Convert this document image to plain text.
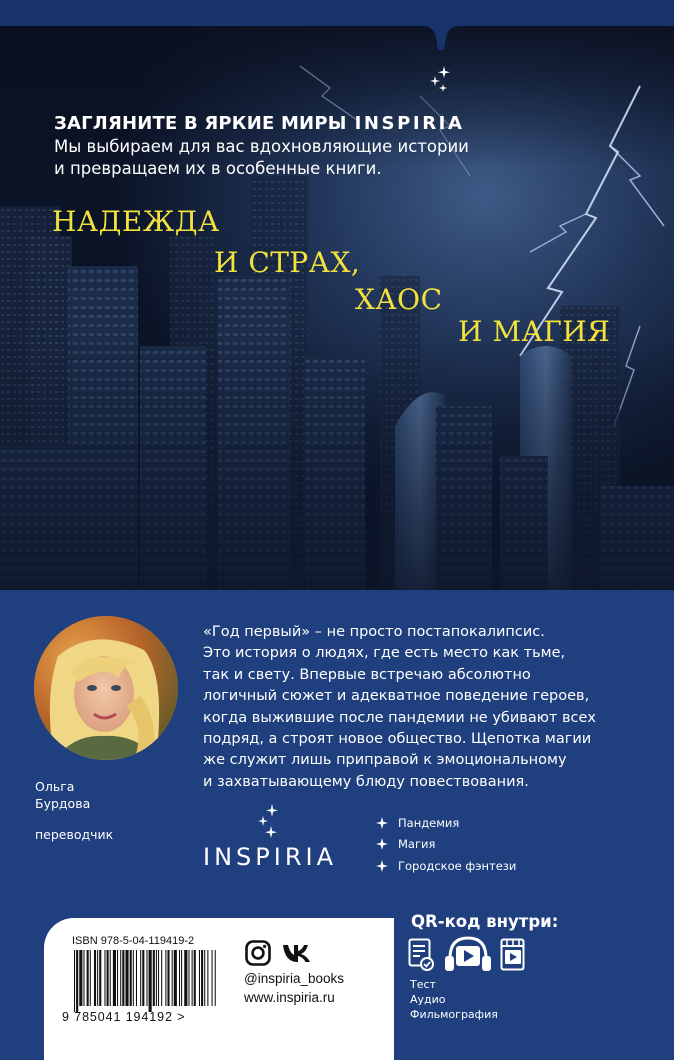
ЗАГЛЯНИТЕ В ЯРКИЕ МИРЫ INSPIRIA
Мы выбираем для вас вдохновляющие истории
и превращаем их в особенные книги.
НАДЕЖДА
И СТРАХ,
ХАОС
И МАГИЯ
Ольга
Бурдова
переводчик
«Год первый» – не просто постапокалипсис.
Это история о людях, где есть место как тьме,
так и свету. Впервые встречаю абсолютно
логичный сюжет и адекватное поведение героев,
когда выжившие после пандемии не убивают всех
подряд, а строят новое общество. Щепотка магии
же служит лишь приправой к эмоциональному
и захватывающему блюду повествования.
INSPIRIA
Пандемия
Магия
Городское фэнтези
ISBN 978-5-04-119419-2
9 785041 194192 >
@inspiria_books
www.inspiria.ru
QR-код внутри:
Тест
Аудио
Фильмография
